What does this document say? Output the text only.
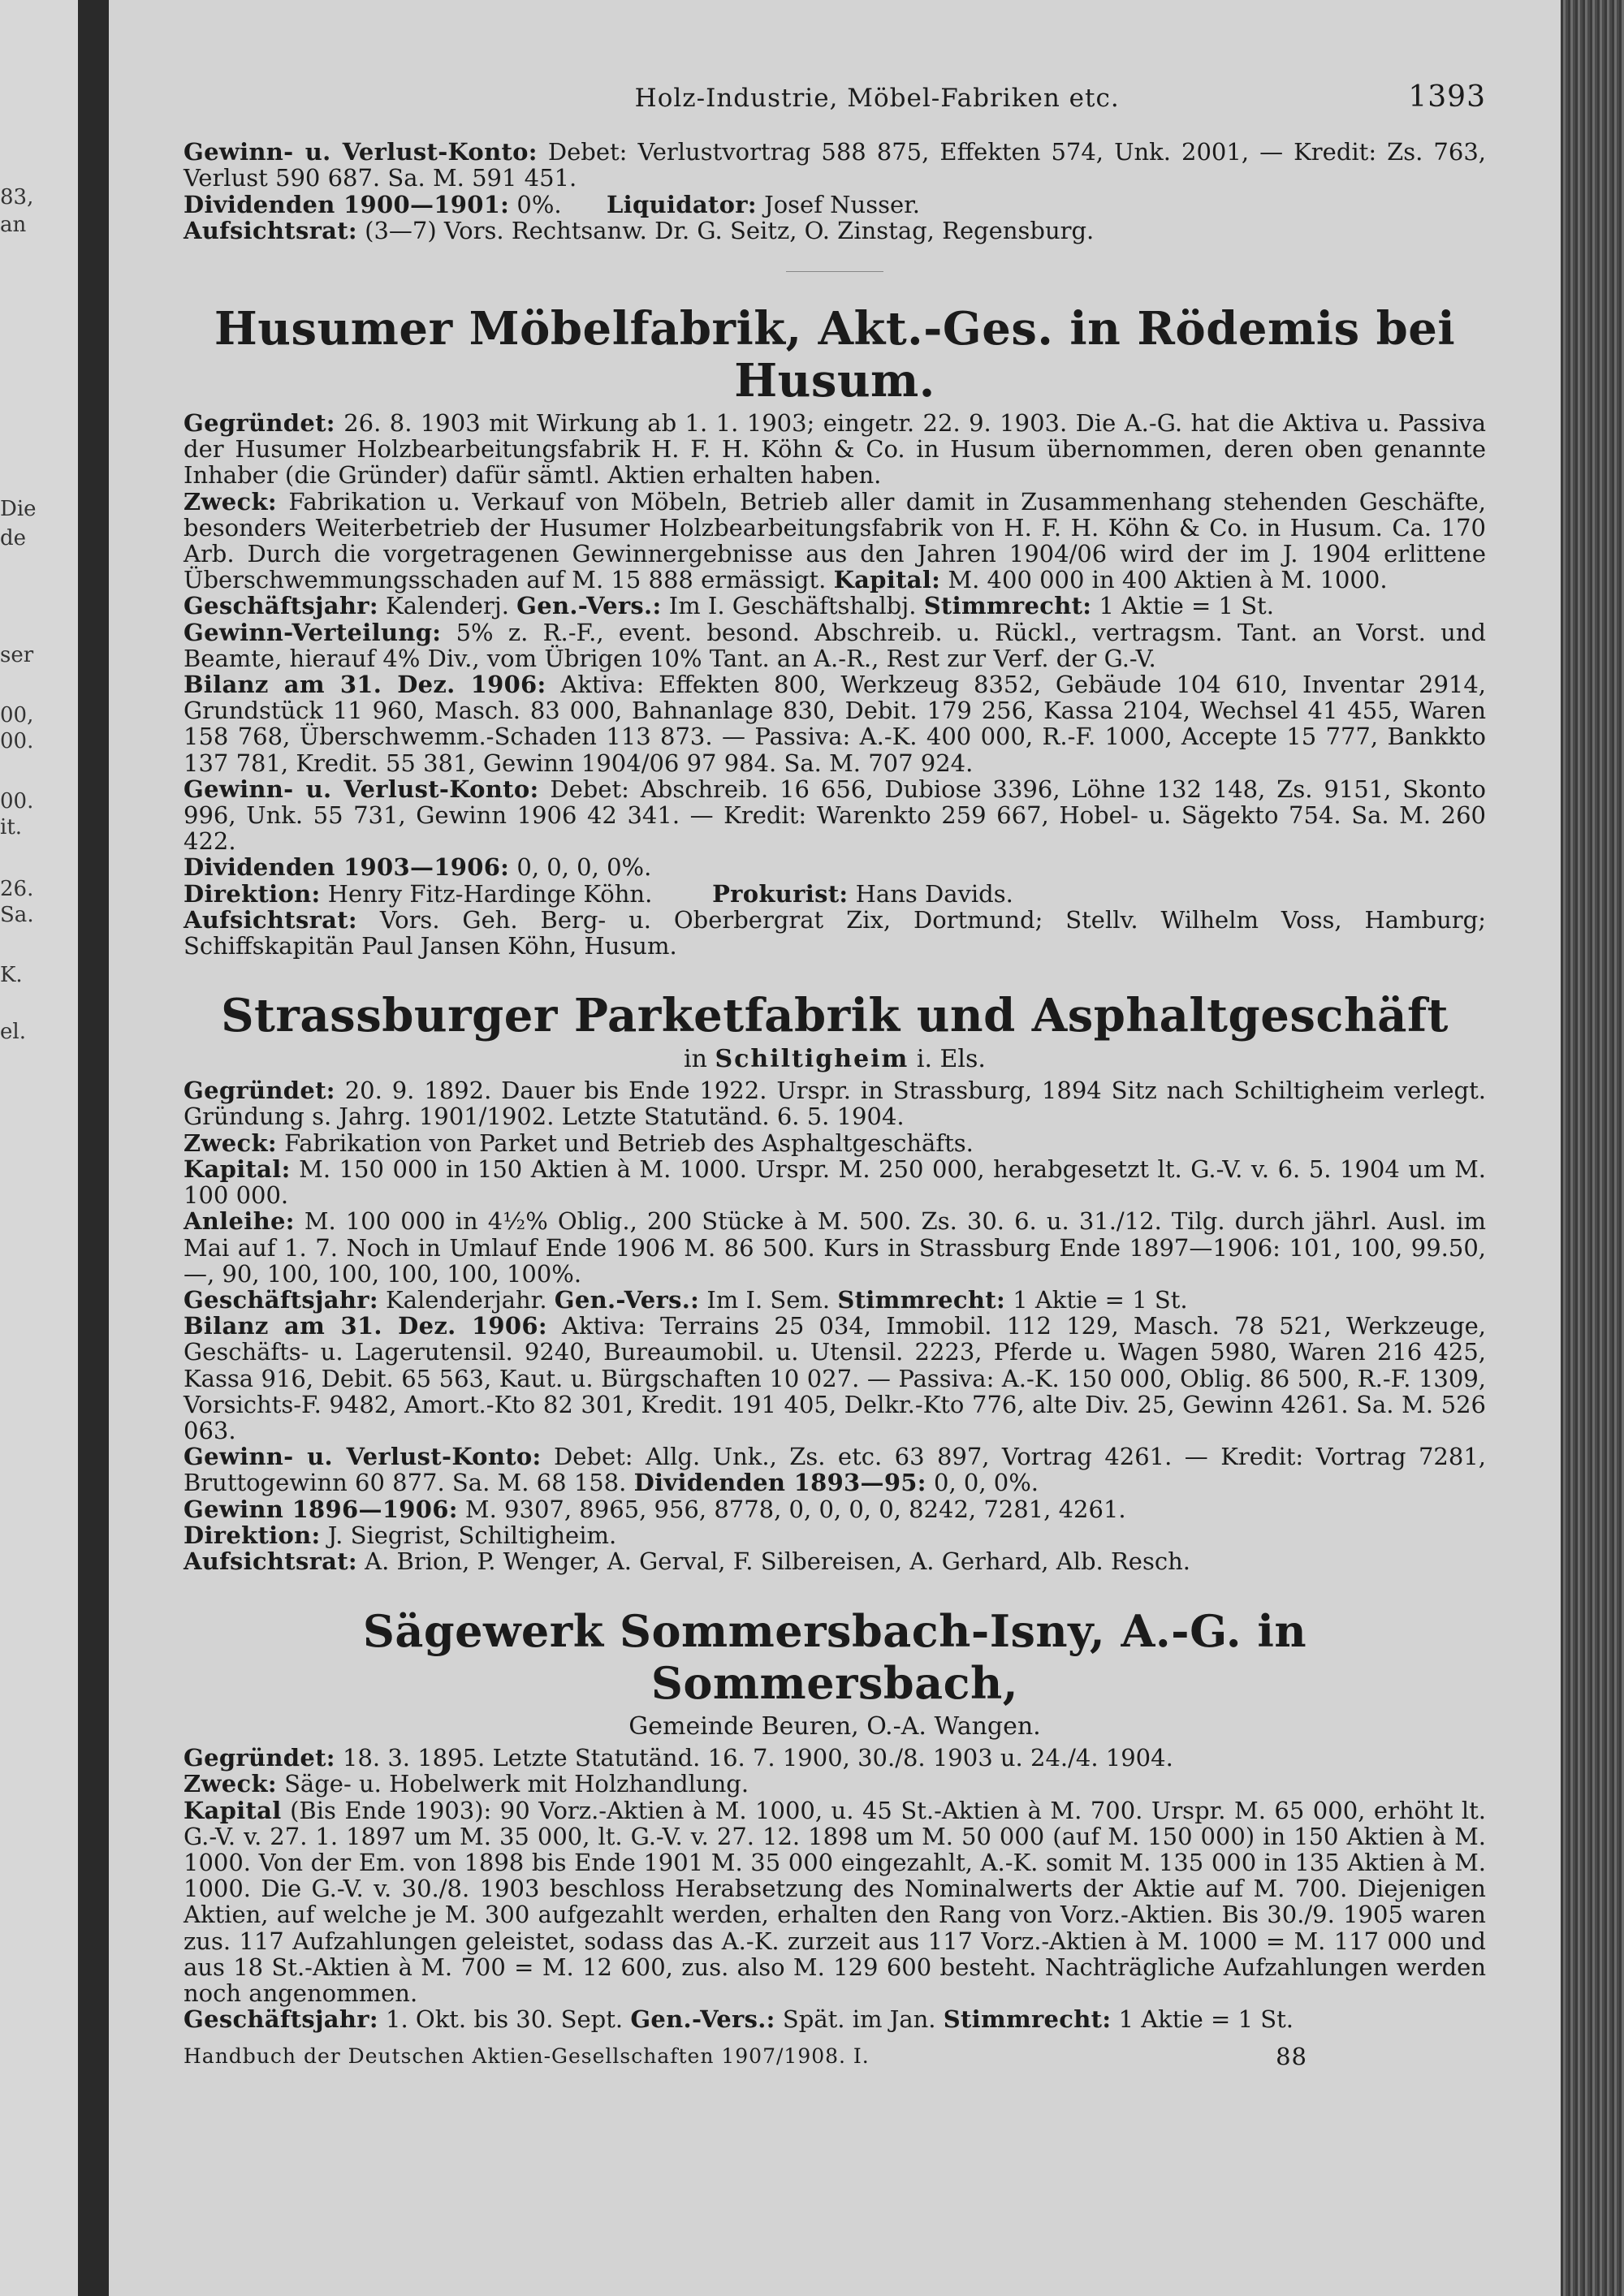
83,
an
Die
de
ser
00,
00.
00.
it.
26.
Sa.
K.
el.
Holz-Industrie, Möbel-Fabriken etc.	1393

Gewinn- u. Verlust-Konto: Debet: Verlustvortrag 588 875, Effekten 574, Unk. 2001, — Kredit: Zs. 763, Verlust 590 687. Sa. M. 591 451.

Dividenden 1900—1901: 0%. Liquidator: Josef Nusser.

Aufsichtsrat: (3—7) Vors. Rechtsanw. Dr. G. Seitz, O. Zinstag, Regensburg.

Husumer Möbelfabrik, Akt.-Ges. in Rödemis bei Husum.

Gegründet: 26. 8. 1903 mit Wirkung ab 1. 1. 1903; eingetr. 22. 9. 1903. Die A.-G. hat die Aktiva u. Passiva der Husumer Holzbearbeitungsfabrik H. F. H. Köhn & Co. in Husum übernommen, deren oben genannte Inhaber (die Gründer) dafür sämtl. Aktien erhalten haben.

Zweck: Fabrikation u. Verkauf von Möbeln, Betrieb aller damit in Zusammenhang stehenden Geschäfte, besonders Weiterbetrieb der Husumer Holzbearbeitungsfabrik von H. F. H. Köhn & Co. in Husum. Ca. 170 Arb. Durch die vorgetragenen Gewinnergebnisse aus den Jahren 1904/06 wird der im J. 1904 erlittene Überschwemmungsschaden auf M. 15 888 ermässigt. Kapital: M. 400 000 in 400 Aktien à M. 1000.

Geschäftsjahr: Kalenderj. Gen.-Vers.: Im I. Geschäftshalbj. Stimmrecht: 1 Aktie = 1 St.

Gewinn-Verteilung: 5% z. R.-F., event. besond. Abschreib. u. Rückl., vertragsm. Tant. an Vorst. und Beamte, hierauf 4% Div., vom Übrigen 10% Tant. an A.-R., Rest zur Verf. der G.-V.

Bilanz am 31. Dez. 1906: Aktiva: Effekten 800, Werkzeug 8352, Gebäude 104 610, Inventar 2914, Grundstück 11 960, Masch. 83 000, Bahnanlage 830, Debit. 179 256, Kassa 2104, Wechsel 41 455, Waren 158 768, Überschwemm.-Schaden 113 873. — Passiva: A.-K. 400 000, R.-F. 1000, Accepte 15 777, Bankkto 137 781, Kredit. 55 381, Gewinn 1904/06 97 984. Sa. M. 707 924.

Gewinn- u. Verlust-Konto: Debet: Abschreib. 16 656, Dubiose 3396, Löhne 132 148, Zs. 9151, Skonto 996, Unk. 55 731, Gewinn 1906 42 341. — Kredit: Warenkto 259 667, Hobel- u. Sägekto 754. Sa. M. 260 422.

Dividenden 1903—1906: 0, 0, 0, 0%.

Direktion: Henry Fitz-Hardinge Köhn.	Prokurist: Hans Davids.

Aufsichtsrat: Vors. Geh. Berg- u. Oberbergrat Zix, Dortmund; Stellv. Wilhelm Voss, Hamburg; Schiffskapitän Paul Jansen Köhn, Husum.

Strassburger Parketfabrik und Asphaltgeschäft
in Schiltigheim i. Els.

Gegründet: 20. 9. 1892. Dauer bis Ende 1922. Urspr. in Strassburg, 1894 Sitz nach Schiltigheim verlegt. Gründung s. Jahrg. 1901/1902. Letzte Statutänd. 6. 5. 1904.

Zweck: Fabrikation von Parket und Betrieb des Asphaltgeschäfts.

Kapital: M. 150 000 in 150 Aktien à M. 1000. Urspr. M. 250 000, herabgesetzt lt. G.-V. v. 6. 5. 1904 um M. 100 000.

Anleihe: M. 100 000 in 4½% Oblig., 200 Stücke à M. 500. Zs. 30. 6. u. 31./12. Tilg. durch jährl. Ausl. im Mai auf 1. 7. Noch in Umlauf Ende 1906 M. 86 500. Kurs in Strassburg Ende 1897—1906: 101, 100, 99.50, —, 90, 100, 100, 100, 100, 100%.

Geschäftsjahr: Kalenderjahr. Gen.-Vers.: Im I. Sem. Stimmrecht: 1 Aktie = 1 St.

Bilanz am 31. Dez. 1906: Aktiva: Terrains 25 034, Immobil. 112 129, Masch. 78 521, Werkzeuge, Geschäfts- u. Lagerutensil. 9240, Bureaumobil. u. Utensil. 2223, Pferde u. Wagen 5980, Waren 216 425, Kassa 916, Debit. 65 563, Kaut. u. Bürgschaften 10 027. — Passiva: A.-K. 150 000, Oblig. 86 500, R.-F. 1309, Vorsichts-F. 9482, Amort.-Kto 82 301, Kredit. 191 405, Delkr.-Kto 776, alte Div. 25, Gewinn 4261. Sa. M. 526 063.

Gewinn- u. Verlust-Konto: Debet: Allg. Unk., Zs. etc. 63 897, Vortrag 4261. — Kredit: Vortrag 7281, Bruttogewinn 60 877. Sa. M. 68 158. Dividenden 1893—95: 0, 0, 0%.

Gewinn 1896—1906: M. 9307, 8965, 956, 8778, 0, 0, 0, 0, 8242, 7281, 4261.

Direktion: J. Siegrist, Schiltigheim.

Aufsichtsrat: A. Brion, P. Wenger, A. Gerval, F. Silbereisen, A. Gerhard, Alb. Resch.

Sägewerk Sommersbach-Isny, A.-G. in Sommersbach,
Gemeinde Beuren, O.-A. Wangen.

Gegründet: 18. 3. 1895. Letzte Statutänd. 16. 7. 1900, 30./8. 1903 u. 24./4. 1904.

Zweck: Säge- u. Hobelwerk mit Holzhandlung.

Kapital (Bis Ende 1903): 90 Vorz.-Aktien à M. 1000, u. 45 St.-Aktien à M. 700. Urspr. M. 65 000, erhöht lt. G.-V. v. 27. 1. 1897 um M. 35 000, lt. G.-V. v. 27. 12. 1898 um M. 50 000 (auf M. 150 000) in 150 Aktien à M. 1000. Von der Em. von 1898 bis Ende 1901 M. 35 000 eingezahlt, A.-K. somit M. 135 000 in 135 Aktien à M. 1000. Die G.-V. v. 30./8. 1903 beschloss Herabsetzung des Nominalwerts der Aktie auf M. 700. Diejenigen Aktien, auf welche je M. 300 aufgezahlt werden, erhalten den Rang von Vorz.-Aktien. Bis 30./9. 1905 waren zus. 117 Aufzahlungen geleistet, sodass das A.-K. zurzeit aus 117 Vorz.-Aktien à M. 1000 = M. 117 000 und aus 18 St.-Aktien à M. 700 = M. 12 600, zus. also M. 129 600 besteht. Nachträgliche Aufzahlungen werden noch angenommen.

Geschäftsjahr: 1. Okt. bis 30. Sept. Gen.-Vers.: Spät. im Jan. Stimmrecht: 1 Aktie = 1 St.

Handbuch der Deutschen Aktien-Gesellschaften 1907/1908. I.	88
